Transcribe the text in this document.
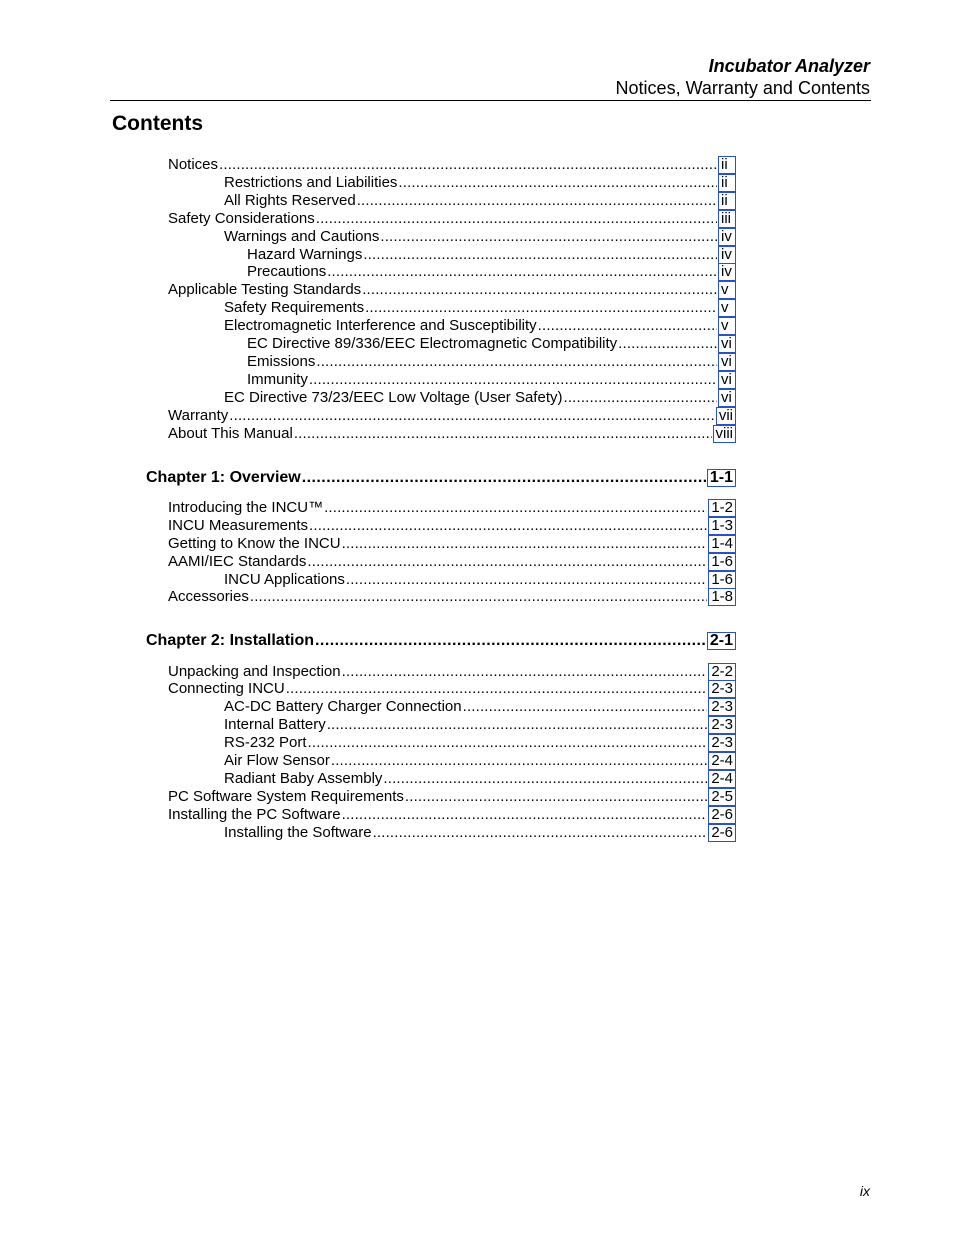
Incubator Analyzer
Notices, Warranty and Contents
Contents
Notices . . .	ii
Restrictions and Liabilities . . .	ii
All Rights Reserved . . .	ii
Safety Considerations . . .	iii
Warnings and Cautions . . .	iv
Hazard Warnings . . .	iv
Precautions . . .	iv
Applicable Testing Standards . . .	v
Safety Requirements . . .	v
Electromagnetic Interference and Susceptibility . . .	v
EC Directive 89/336/EEC Electromagnetic Compatibility . . .	vi
Emissions . . .	vi
Immunity . . .	vi
EC Directive 73/23/EEC Low Voltage (User Safety) . . .	vi
Warranty . . .	vii
About This Manual . . .	viii
Chapter 1: Overview . . .	1-1
Introducing the INCU™ . . .	1-2
INCU Measurements . . .	1-3
Getting to Know the INCU . . .	1-4
AAMI/IEC Standards . . .	1-6
INCU Applications . . .	1-6
Accessories . . .	1-8
Chapter 2: Installation . . .	2-1
Unpacking and Inspection . . .	2-2
Connecting INCU . . .	2-3
AC-DC Battery Charger Connection . . .	2-3
Internal Battery . . .	2-3
RS-232 Port . . .	2-3
Air Flow Sensor . . .	2-4
Radiant Baby Assembly . . .	2-4
PC Software System Requirements . . .	2-5
Installing the PC Software . . .	2-6
Installing the Software . . .	2-6
ix
